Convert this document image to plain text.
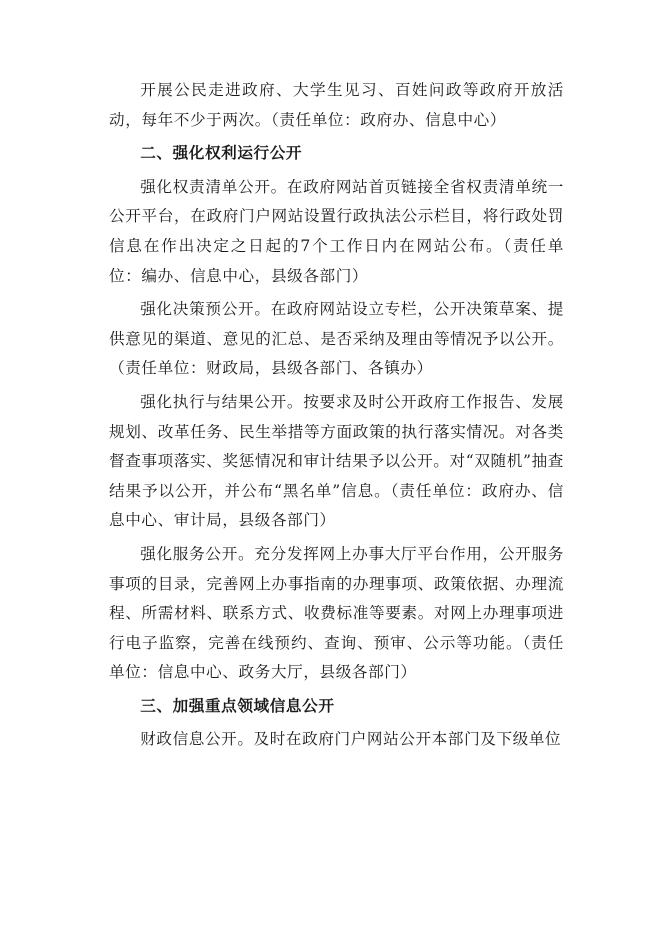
开展公民走进政府、大学生见习、百姓问政等政府开放活动，每年不少于两次。（责任单位：政府办、信息中心）

二、强化权利运行公开

强化权责清单公开。在政府网站首页链接全省权责清单统一公开平台，在政府门户网站设置行政执法公示栏目，将行政处罚信息在作出决定之日起的7个工作日内在网站公布。（责任单位：编办、信息中心，县级各部门）

强化决策预公开。在政府网站设立专栏，公开决策草案、提供意见的渠道、意见的汇总、是否采纳及理由等情况予以公开。（责任单位：财政局，县级各部门、各镇办）

强化执行与结果公开。按要求及时公开政府工作报告、发展规划、改革任务、民生举措等方面政策的执行落实情况。对各类督查事项落实、奖惩情况和审计结果予以公开。对“双随机”抽查结果予以公开，并公布“黑名单”信息。（责任单位：政府办、信息中心、审计局，县级各部门）

强化服务公开。充分发挥网上办事大厅平台作用，公开服务事项的目录，完善网上办事指南的办理事项、政策依据、办理流程、所需材料、联系方式、收费标准等要素。对网上办理事项进行电子监察，完善在线预约、查询、预审、公示等功能。（责任单位：信息中心、政务大厅，县级各部门）

三、加强重点领域信息公开

财政信息公开。及时在政府门户网站公开本部门及下级单位
